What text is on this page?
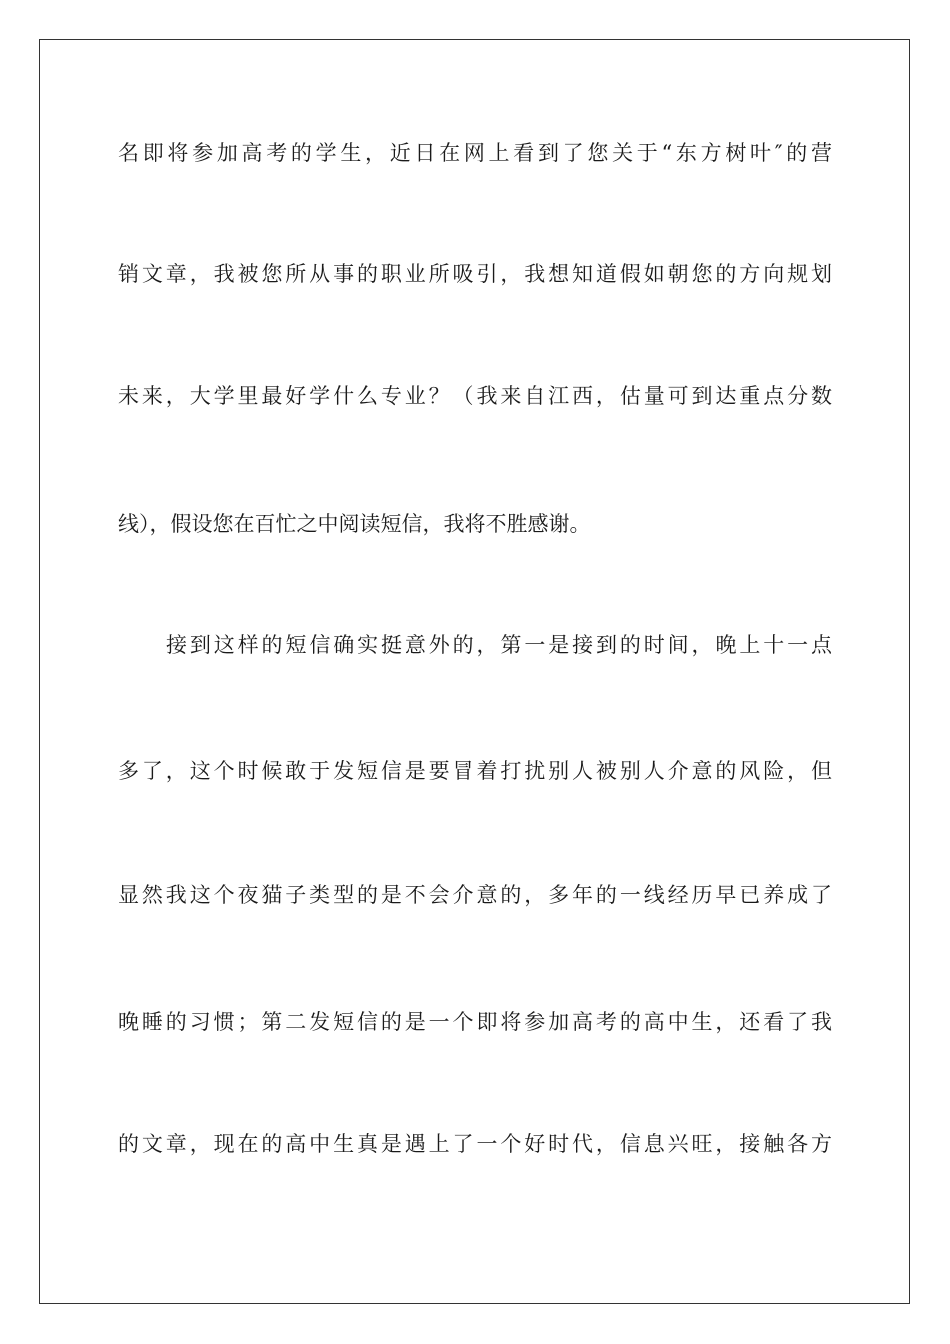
名即将参加高考的学生，近日在网上看到了您关于“东方树叶″的营
销文章，我被您所从事的职业所吸引，我想知道假如朝您的方向规划
未来，大学里最好学什么专业？（我来自江西，估量可到达重点分数
线），假设您在百忙之中阅读短信，我将不胜感谢。
接到这样的短信确实挺意外的，第一是接到的时间，晚上十一点
多了，这个时候敢于发短信是要冒着打扰别人被别人介意的风险，但
显然我这个夜猫子类型的是不会介意的，多年的一线经历早已养成了
晚睡的习惯；第二发短信的是一个即将参加高考的高中生，还看了我
的文章，现在的高中生真是遇上了一个好时代，信息兴旺，接触各方
